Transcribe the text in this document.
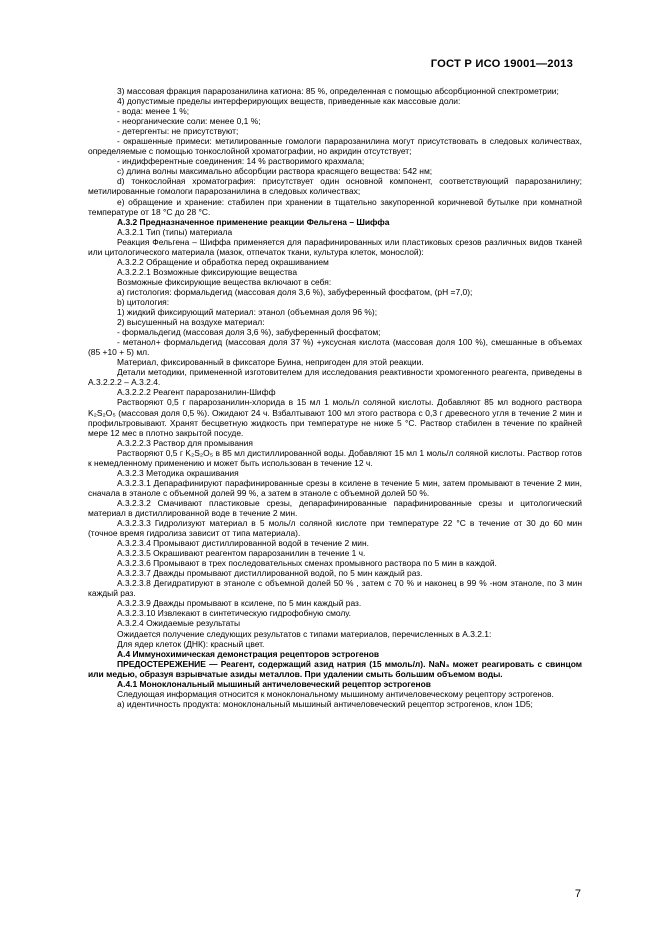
ГОСТ Р ИСО 19001—2013

3) массовая фракция парарозанилина катиона: 85 %, определенная с помощью абсорбционной спектрометрии;

4) допустимые пределы интерферирующих веществ, приведенные как массовые доли:

- вода: менее 1 %;

- неорганические соли: менее 0,1 %;

- детергенты: не присутствуют;

- окрашенные примеси: метилированные гомологи парарозанилина могут присутствовать в следовых количествах, определяемые с помощью тонкослойной хроматографии, но акридин отсутствует;

- индифферентные соединения: 14 % растворимого крахмала;

c) длина волны максимально абсорбции раствора красящего вещества: 542 нм;

d) тонкослойная хроматография: присутствует один основной компонент, соответствующий парарозанилину; метилированные гомологи парарозанилина в следовых количествах;

e) обращение и хранение: стабилен при хранении в тщательно закупоренной коричневой бутылке при комнатной температуре от 18 °С до 28 °С.

А.3.2 Предназначенное применение реакции Фельгена – Шиффа

А.3.2.1 Тип (типы) материала

Реакция Фельгена – Шиффа применяется для парафинированных или пластиковых срезов различных видов тканей или цитологического материала (мазок, отпечаток ткани, культура клеток, монослой):

А.3.2.2 Обращение и обработка перед окрашиванием

А.3.2.2.1 Возможные фиксирующие вещества

Возможные фиксирующие вещества включают в себя:

a) гистология: формальдегид (массовая доля 3,6 %), забуференный фосфатом, (рН =7,0);

b) цитология:

1) жидкий фиксирующий материал: этанол (объемная доля 96 %);

2) высушенный на воздухе материал:

- формальдегид (массовая доля 3,6 %), забуференный фосфатом;

- метанол+ формальдегид (массовая доля 37 %) +уксусная кислота (массовая доля 100 %), смешанные в объемах (85 +10 + 5) мл.

Материал, фиксированный в фиксаторе Буина, непригоден для этой реакции.

Детали методики, примененной изготовителем для исследования реактивности хромогенного реагента, приведены в А.3.2.2.2 – А.3.2.4.

А.3.2.2.2 Реагент парарозанилин-Шифф

Растворяют 0,5 г парарозанилин-хлорида в 15 мл 1 моль/л соляной кислоты. Добавляют 85 мл водного раствора K₂S₂O₅ (массовая доля 0,5 %). Ожидают 24 ч. Взбалтывают 100 мл этого раствора с 0,3 г древесного угля в течение 2 мин и профильтровывают. Хранят бесцветную жидкость при температуре не ниже 5 °С. Раствор стабилен в течение по крайней мере 12 мес в плотно закрытой посуде.

А.3.2.2.3 Раствор для промывания

Растворяют 0,5 г K₂S₂O₅ в 85 мл дистиллированной воды. Добавляют 15 мл 1 моль/л соляной кислоты. Раствор готов к немедленному применению и может быть использован в течение 12 ч.

А.3.2.3 Методика окрашивания

А.3.2.3.1 Депарафинируют парафинированные срезы в ксилене в течение 5 мин, затем промывают в течение 2 мин, сначала в этаноле с объемной долей 99 %, а затем в этаноле с объемной долей 50 %.

А.3.2.3.2 Смачивают пластиковые срезы, депарафинированные парафинированные срезы и цитологический материал в дистиллированной воде в течение 2 мин.

А.3.2.3.3 Гидролизуют материал в 5 моль/л соляной кислоте при температуре 22 °С в течение от 30 до 60 мин (точное время гидролиза зависит от типа материала).

А.3.2.3.4 Промывают дистиллированной водой в течение 2 мин.

А.3.2.3.5 Окрашивают реагентом парарозанилин в течение 1 ч.

А.3.2.3.6 Промывают в трех последовательных сменах промывного раствора по 5 мин в каждой.

А.3.2.3.7 Дважды промывают дистиллированной водой, по 5 мин каждый раз.

А.3.2.3.8 Дегидратируют в этаноле с объемной долей 50 % , затем с 70 % и наконец в 99 % -ном этаноле, по 3 мин каждый раз.

А.3.2.3.9 Дважды промывают в ксилене, по 5 мин каждый раз.

А.3.2.3.10 Извлекают в синтетическую гидрофобную смолу.

А.3.2.4 Ожидаемые результаты

Ожидается получение следующих результатов с типами материалов, перечисленных в А.3.2.1:

Для ядер клеток (ДНК): красный цвет.

А.4 Иммунохимическая демонстрация рецепторов эстрогенов

ПРЕДОСТЕРЕЖЕНИЕ — Реагент, содержащий азид натрия (15 ммоль/л). NaN₃ может реагировать с свинцом или медью, образуя взрывчатые азиды металлов. При удалении смыть большим объемом воды.

А.4.1 Моноклональный мышиный античеловеческий рецептор эстрогенов

Следующая информация относится к моноклональному мышиному античеловеческому рецептору эстрогенов.

а) идентичность продукта: моноклональный мышиный античеловеческий рецептор эстрогенов, клон 1D5;

7
